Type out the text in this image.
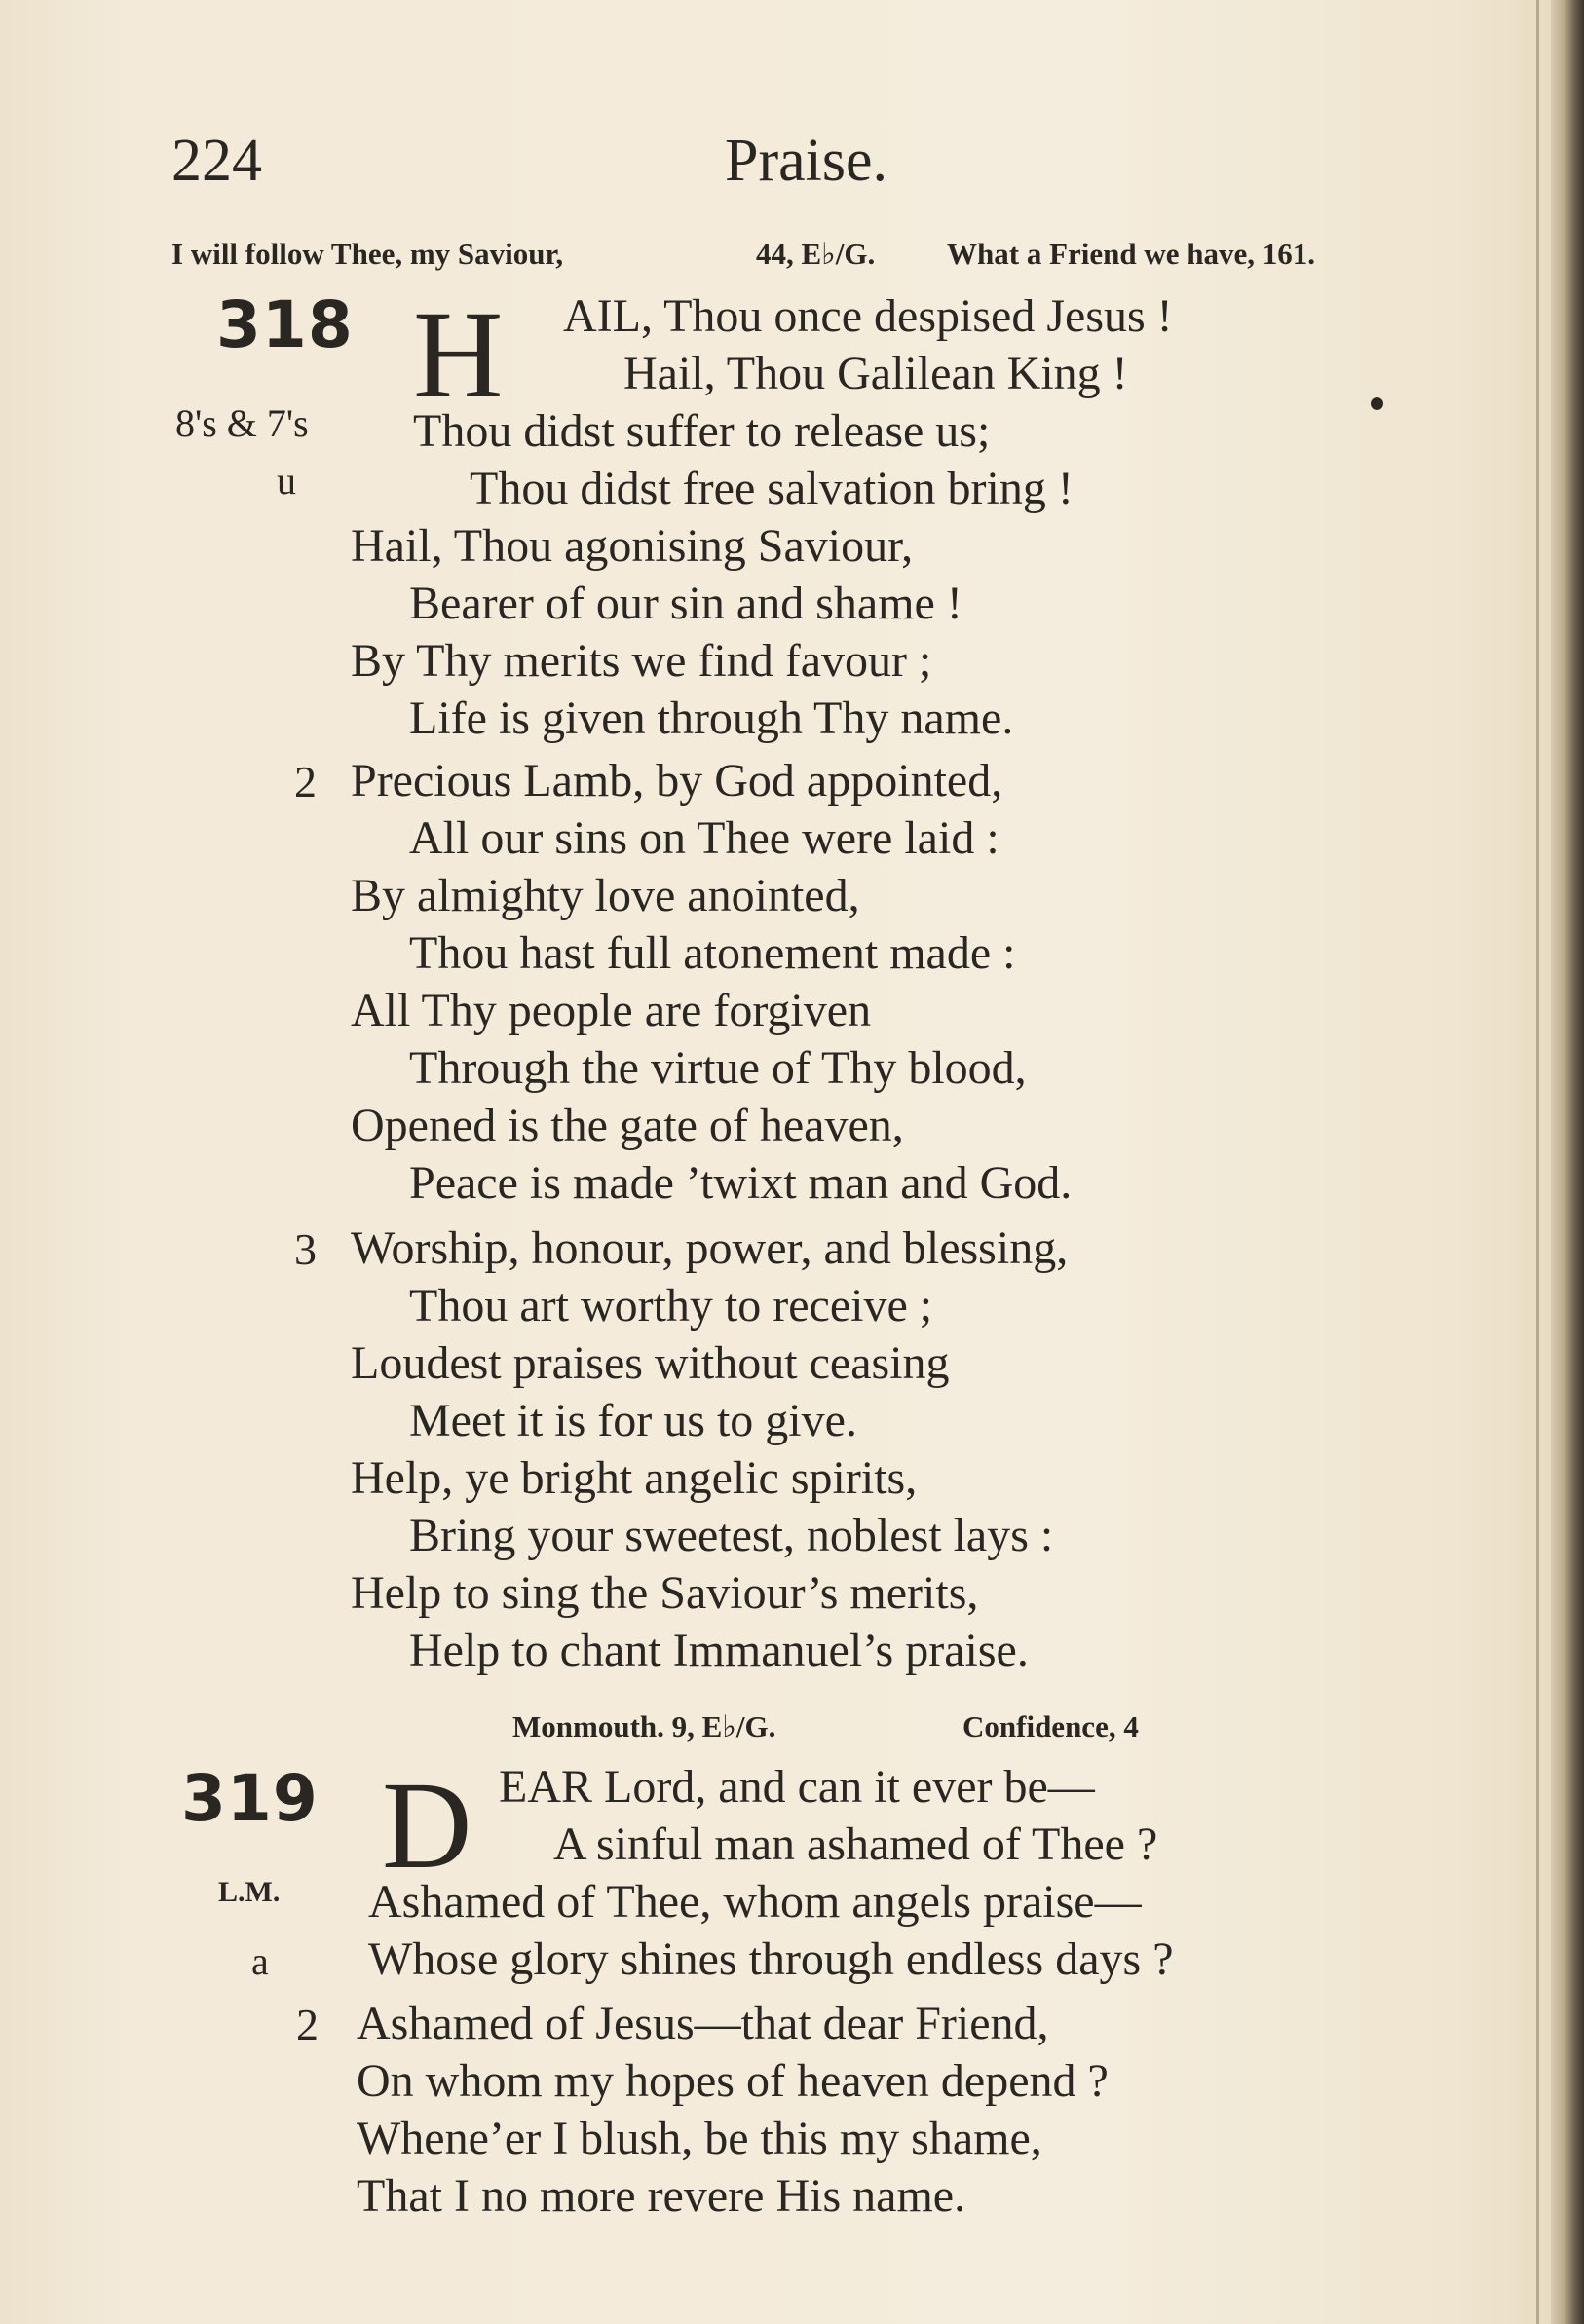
224	Praise.
I will follow Thee, my Saviour,	44, E♭/G. What a Friend we have, 161.
318
8's & 7's
u
H AIL, Thou once despised Jesus !
Hail, Thou Galilean King !
Thou didst suffer to release us;
Thou didst free salvation bring !
Hail, Thou agonising Saviour,
Bearer of our sin and shame !
By Thy merits we find favour ;
Life is given through Thy name.
2 Precious Lamb, by God appointed,
All our sins on Thee were laid :
By almighty love anointed,
Thou hast full atonement made :
All Thy people are forgiven
Through the virtue of Thy blood,
Opened is the gate of heaven,
Peace is made ’twixt man and God.
3 Worship, honour, power, and blessing,
Thou art worthy to receive ;
Loudest praises without ceasing
Meet it is for us to give.
Help, ye bright angelic spirits,
Bring your sweetest, noblest lays :
Help to sing the Saviour’s merits,
Help to chant Immanuel’s praise.
Monmouth. 9, E♭/G.	Confidence, 4
319
L.M.
a
D EAR Lord, and can it ever be—
A sinful man ashamed of Thee ?
Ashamed of Thee, whom angels praise—
Whose glory shines through endless days ?
2 Ashamed of Jesus—that dear Friend,
On whom my hopes of heaven depend ?
Whene’er I blush, be this my shame,
That I no more revere His name.
